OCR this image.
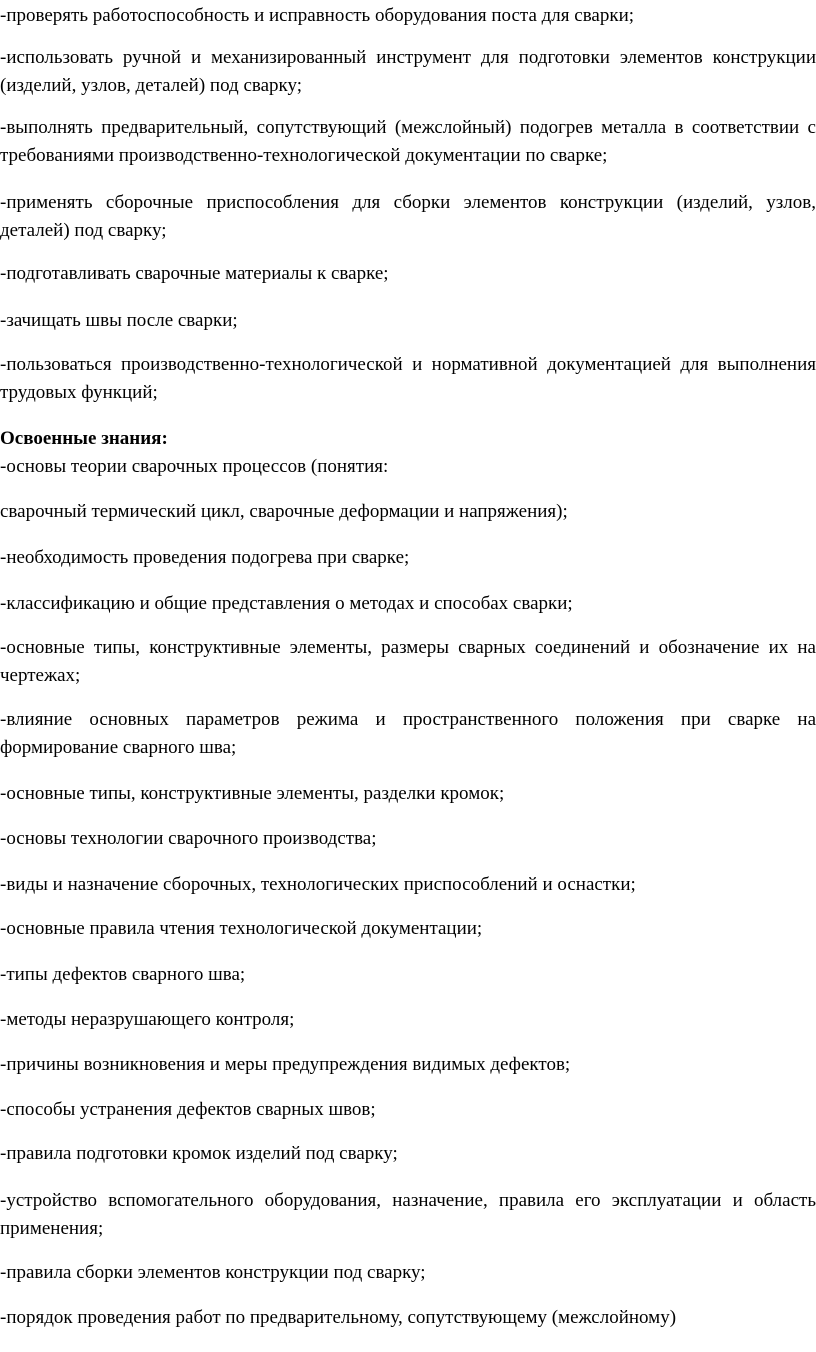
-проверять работоспособность и исправность оборудования поста для сварки;

-использовать ручной и механизированный инструмент для подготовки элементов конструкции (изделий, узлов, деталей) под сварку;

-выполнять предварительный, сопутствующий (межслойный) подогрев металла в соответствии с требованиями производственно-технологической документации по сварке;

-применять сборочные приспособления для сборки элементов конструкции (изделий, узлов, деталей) под сварку;

-подготавливать сварочные материалы к сварке;

-зачищать швы после сварки;

-пользоваться производственно-технологической и нормативной документацией для выполнения трудовых функций;

Освоенные знания:

-основы теории сварочных процессов (понятия:

сварочный термический цикл, сварочные деформации и напряжения);

-необходимость проведения подогрева при сварке;

-классификацию и общие представления о методах и способах сварки;

-основные типы, конструктивные элементы, размеры сварных соединений и обозначение их на чертежах;

-влияние основных параметров режима и пространственного положения при сварке на формирование сварного шва;

-основные типы, конструктивные элементы, разделки кромок;

-основы технологии сварочного производства;

-виды и назначение сборочных, технологических приспособлений и оснастки;

-основные правила чтения технологической документации;

-типы дефектов сварного шва;

-методы неразрушающего контроля;

-причины возникновения и меры предупреждения видимых дефектов;

-способы устранения дефектов сварных швов;

-правила подготовки кромок изделий под сварку;

-устройство вспомогательного оборудования, назначение, правила его эксплуатации и область применения;

-правила сборки элементов конструкции под сварку;

-порядок проведения работ по предварительному, сопутствующему (межслойному)
